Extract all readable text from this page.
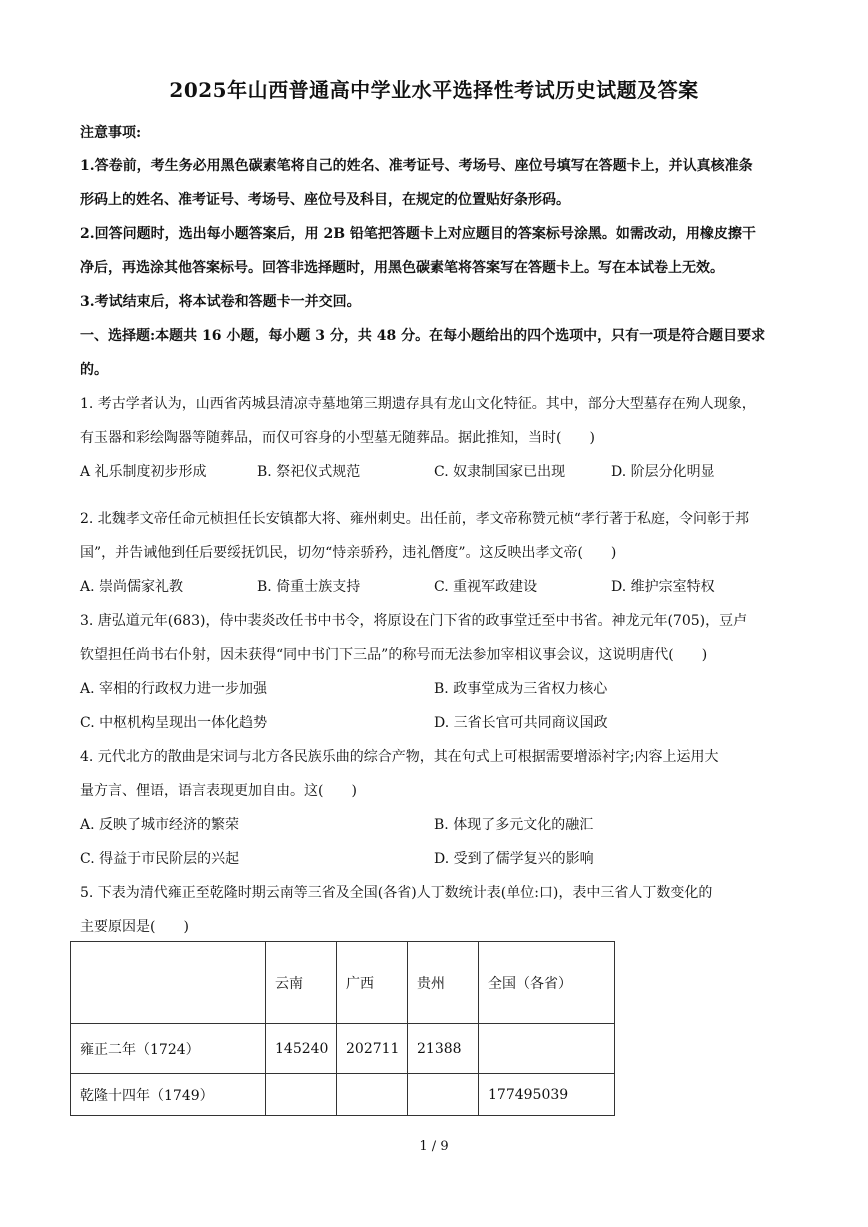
2025年山西普通高中学业水平选择性考试历史试题及答案
注意事项:
1.答卷前，考生务必用黑色碳素笔将自己的姓名、准考证号、考场号、座位号填写在答题卡上，并认真核准条
形码上的姓名、准考证号、考场号、座位号及科目，在规定的位置贴好条形码。
2.回答问题时，选出每小题答案后，用 2B 铅笔把答题卡上对应题目的答案标号涂黑。如需改动，用橡皮擦干
净后，再选涂其他答案标号。回答非选择题时，用黑色碳素笔将答案写在答题卡上。写在本试卷上无效。
3.考试结束后，将本试卷和答题卡一并交回。
一、选择题:本题共 16 小题，每小题 3 分，共 48 分。在每小题给出的四个选项中，只有一项是符合题目要求
的。
1. 考古学者认为，山西省芮城县清凉寺墓地第三期遗存具有龙山文化特征。其中，部分大型墓存在殉人现象，
有玉器和彩绘陶器等随葬品，而仅可容身的小型墓无随葬品。据此推知，当时(　　)
A 礼乐制度初步形成	B. 祭祀仪式规范	C. 奴隶制国家已出现	D. 阶层分化明显
2. 北魏孝文帝任命元桢担任长安镇都大将、雍州刺史。出任前，孝文帝称赞元桢“孝行著于私庭，令问彰于邦
国”，并告诫他到任后要绥抚饥民，切勿“恃亲骄矜，违礼僭度”。这反映出孝文帝(　　)
A. 崇尚儒家礼教	B. 倚重士族支持	C. 重视军政建设	D. 维护宗室特权
3. 唐弘道元年(683)，侍中裴炎改任书中书令，将原设在门下省的政事堂迁至中书省。神龙元年(705)，豆卢
钦望担任尚书右仆射，因未获得“同中书门下三品”的称号而无法参加宰相议事会议，这说明唐代(　　)
A. 宰相的行政权力进一步加强	B. 政事堂成为三省权力核心
C. 中枢机构呈现出一体化趋势	D. 三省长官可共同商议国政
4. 元代北方的散曲是宋词与北方各民族乐曲的综合产物，其在句式上可根据需要增添衬字;内容上运用大
量方言、俚语，语言表现更加自由。这(　　)
A. 反映了城市经济的繁荣	B. 体现了多元文化的融汇
C. 得益于市民阶层的兴起	D. 受到了儒学复兴的影响
5. 下表为清代雍正至乾隆时期云南等三省及全国(各省)人丁数统计表(单位:口)，表中三省人丁数变化的
主要原因是(　　)
	云南	广西	贵州	全国（各省）
雍正二年（1724）	145240	202711	21388	
乾隆十四年（1749）				177495039
1 / 9
